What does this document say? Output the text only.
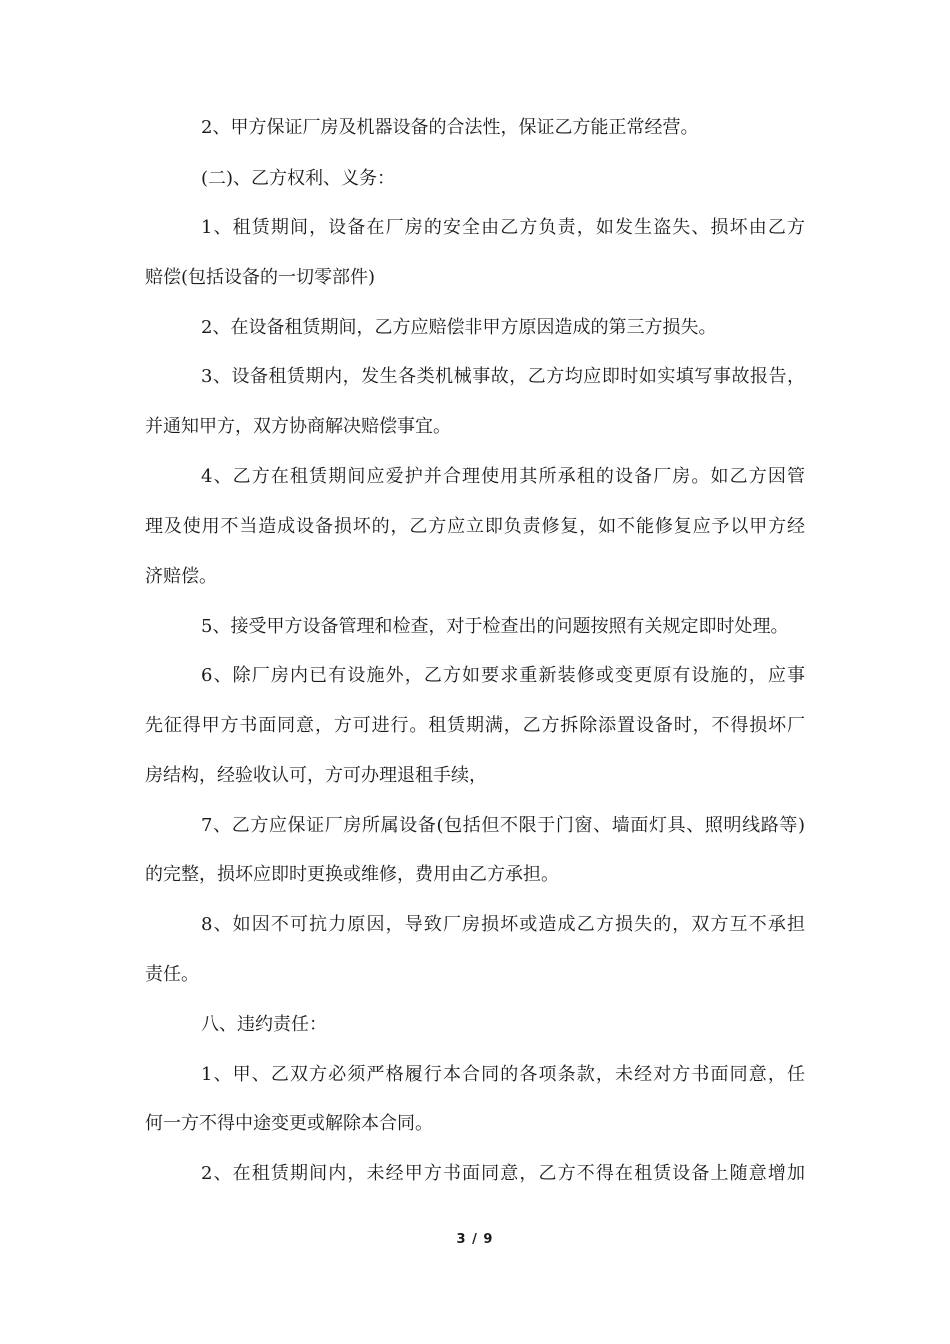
2、甲方保证厂房及机器设备的合法性，保证乙方能正常经营。

(二)、乙方权利、义务：

1、租赁期间，设备在厂房的安全由乙方负责，如发生盗失、损坏由乙方

赔偿(包括设备的一切零部件)

2、在设备租赁期间，乙方应赔偿非甲方原因造成的第三方损失。

3、设备租赁期内，发生各类机械事故，乙方均应即时如实填写事故报告，

并通知甲方，双方协商解决赔偿事宜。

4、乙方在租赁期间应爱护并合理使用其所承租的设备厂房。如乙方因管

理及使用不当造成设备损坏的，乙方应立即负责修复，如不能修复应予以甲方经

济赔偿。

5、接受甲方设备管理和检查，对于检查出的问题按照有关规定即时处理。

6、除厂房内已有设施外，乙方如要求重新装修或变更原有设施的，应事

先征得甲方书面同意，方可进行。租赁期满，乙方拆除添置设备时，不得损坏厂

房结构，经验收认可，方可办理退租手续，

7、乙方应保证厂房所属设备(包括但不限于门窗、墙面灯具、照明线路等)

的完整，损坏应即时更换或维修，费用由乙方承担。

8、如因不可抗力原因，导致厂房损坏或造成乙方损失的，双方互不承担

责任。

八、违约责任：

1、甲、乙双方必须严格履行本合同的各项条款，未经对方书面同意，任

何一方不得中途变更或解除本合同。

2、在租赁期间内，未经甲方书面同意，乙方不得在租赁设备上随意增加

3 / 9
